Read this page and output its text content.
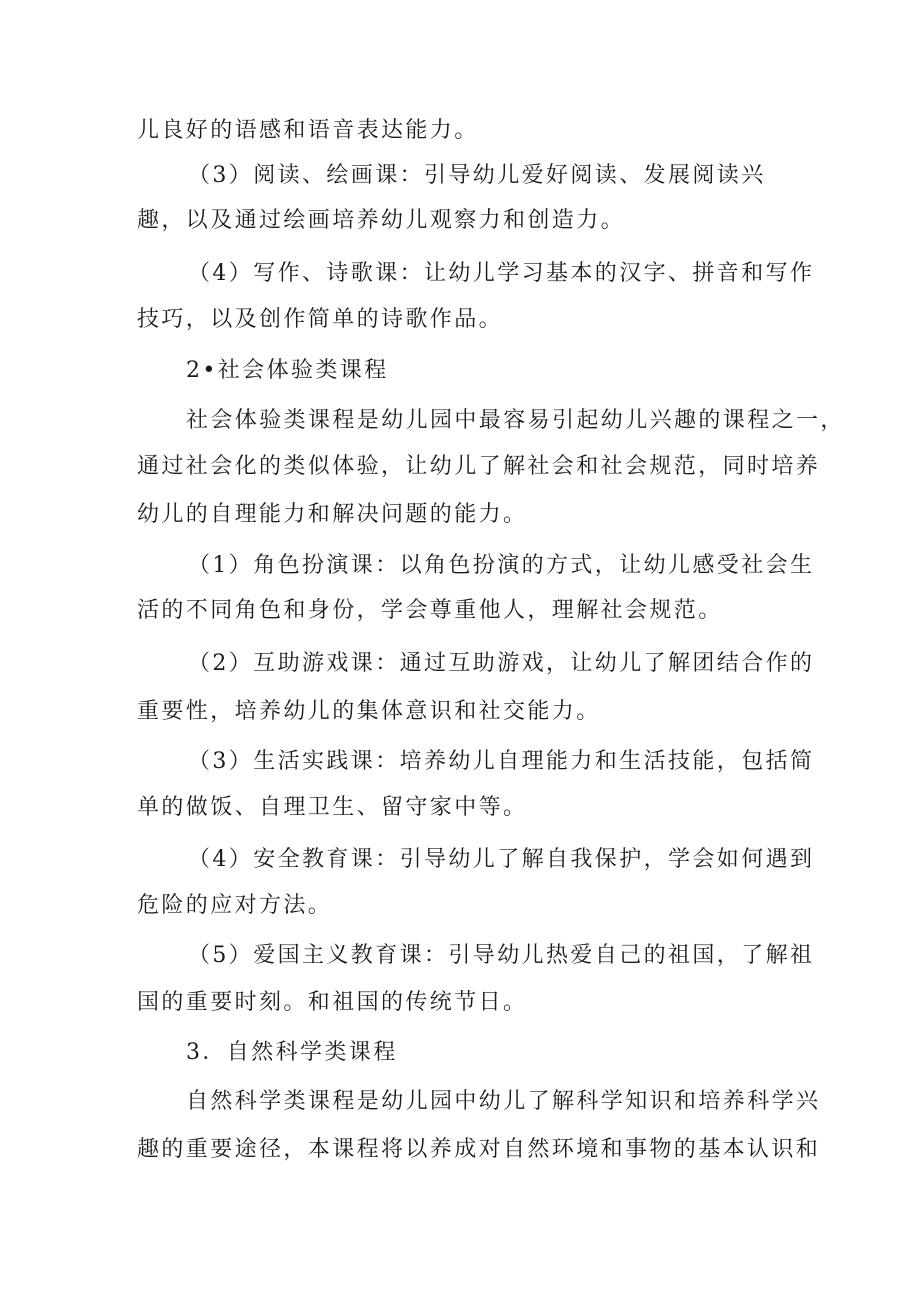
儿良好的语感和语音表达能力。
（3）阅读、绘画课：引导幼儿爱好阅读、发展阅读兴
趣，以及通过绘画培养幼儿观察力和创造力。
（4）写作、诗歌课：让幼儿学习基本的汉字、拼音和写作
技巧，以及创作简单的诗歌作品。
2•社会体验类课程
社会体验类课程是幼儿园中最容易引起幼儿兴趣的课程之一，
通过社会化的类似体验，让幼儿了解社会和社会规范，同时培养
幼儿的自理能力和解决问题的能力。
（1）角色扮演课：以角色扮演的方式，让幼儿感受社会生
活的不同角色和身份，学会尊重他人，理解社会规范。
（2）互助游戏课：通过互助游戏，让幼儿了解团结合作的
重要性，培养幼儿的集体意识和社交能力。
（3）生活实践课：培养幼儿自理能力和生活技能，包括简
单的做饭、自理卫生、留守家中等。
（4）安全教育课：引导幼儿了解自我保护，学会如何遇到
危险的应对方法。
（5）爱国主义教育课：引导幼儿热爱自己的祖国，了解祖
国的重要时刻。和祖国的传统节日。
3．自然科学类课程
自然科学类课程是幼儿园中幼儿了解科学知识和培养科学兴
趣的重要途径，本课程将以养成对自然环境和事物的基本认识和
